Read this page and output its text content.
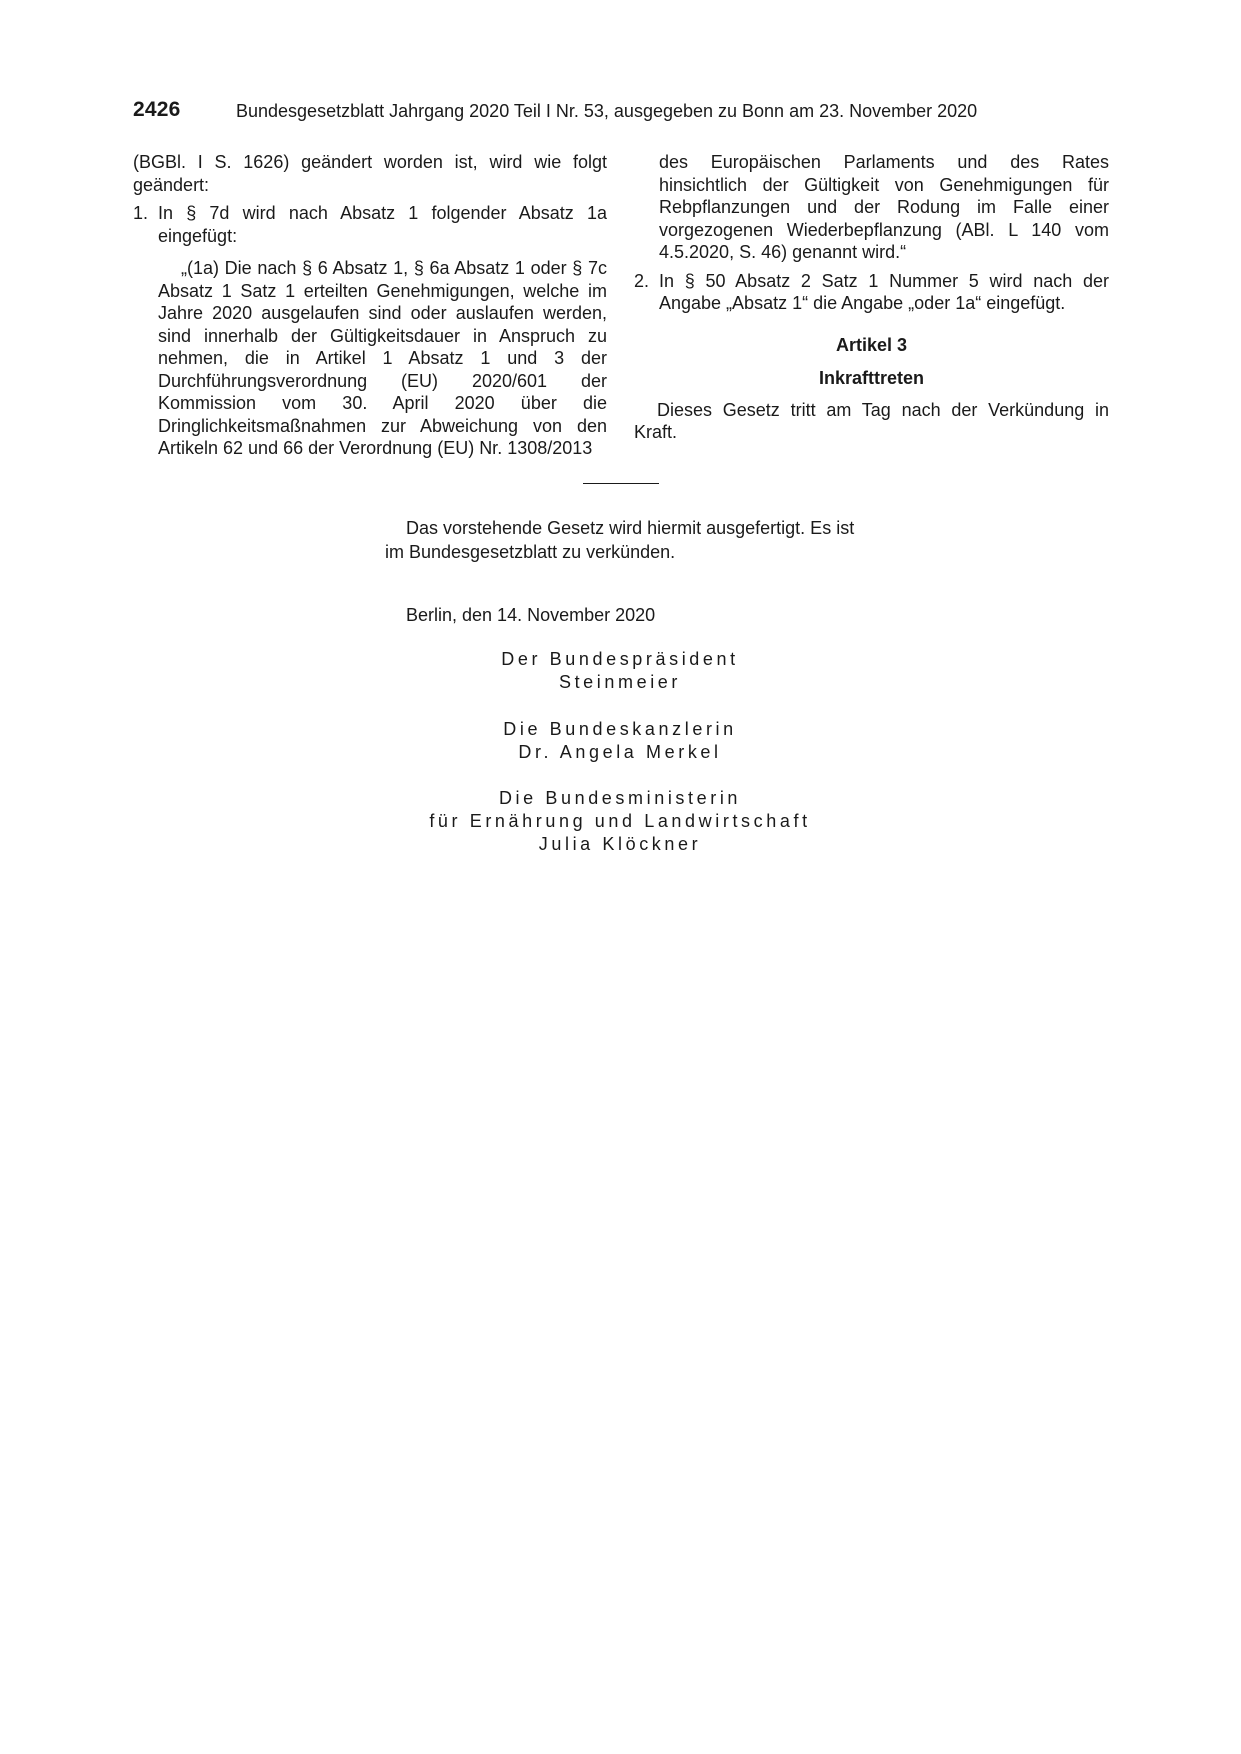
2426	Bundesgesetzblatt Jahrgang 2020 Teil I Nr. 53, ausgegeben zu Bonn am 23. November 2020

(BGBl. I S. 1626) geändert worden ist, wird wie folgt geändert:

1. In § 7d wird nach Absatz 1 folgender Absatz 1a eingefügt:

„(1a) Die nach § 6 Absatz 1, § 6a Absatz 1 oder § 7c Absatz 1 Satz 1 erteilten Genehmigungen, welche im Jahre 2020 ausgelaufen sind oder auslaufen werden, sind innerhalb der Gültigkeitsdauer in Anspruch zu nehmen, die in Artikel 1 Absatz 1 und 3 der Durchführungsverordnung (EU) 2020/601 der Kommission vom 30. April 2020 über die Dringlichkeitsmaßnahmen zur Abweichung von den Artikeln 62 und 66 der Verordnung (EU) Nr. 1308/2013

des Europäischen Parlaments und des Rates hinsichtlich der Gültigkeit von Genehmigungen für Rebpflanzungen und der Rodung im Falle einer vorgezogenen Wiederbepflanzung (ABl. L 140 vom 4.5.2020, S. 46) genannt wird.“

2. In § 50 Absatz 2 Satz 1 Nummer 5 wird nach der Angabe „Absatz 1“ die Angabe „oder 1a“ eingefügt.

Artikel 3

Inkrafttreten

Dieses Gesetz tritt am Tag nach der Verkündung in Kraft.

Das vorstehende Gesetz wird hiermit ausgefertigt. Es ist im Bundesgesetzblatt zu verkünden.

Berlin, den 14. November 2020
Der Bundespräsident
Steinmeier
Die Bundeskanzlerin
Dr. Angela Merkel
Die Bundesministerin
für Ernährung und Landwirtschaft
Julia Klöckner
